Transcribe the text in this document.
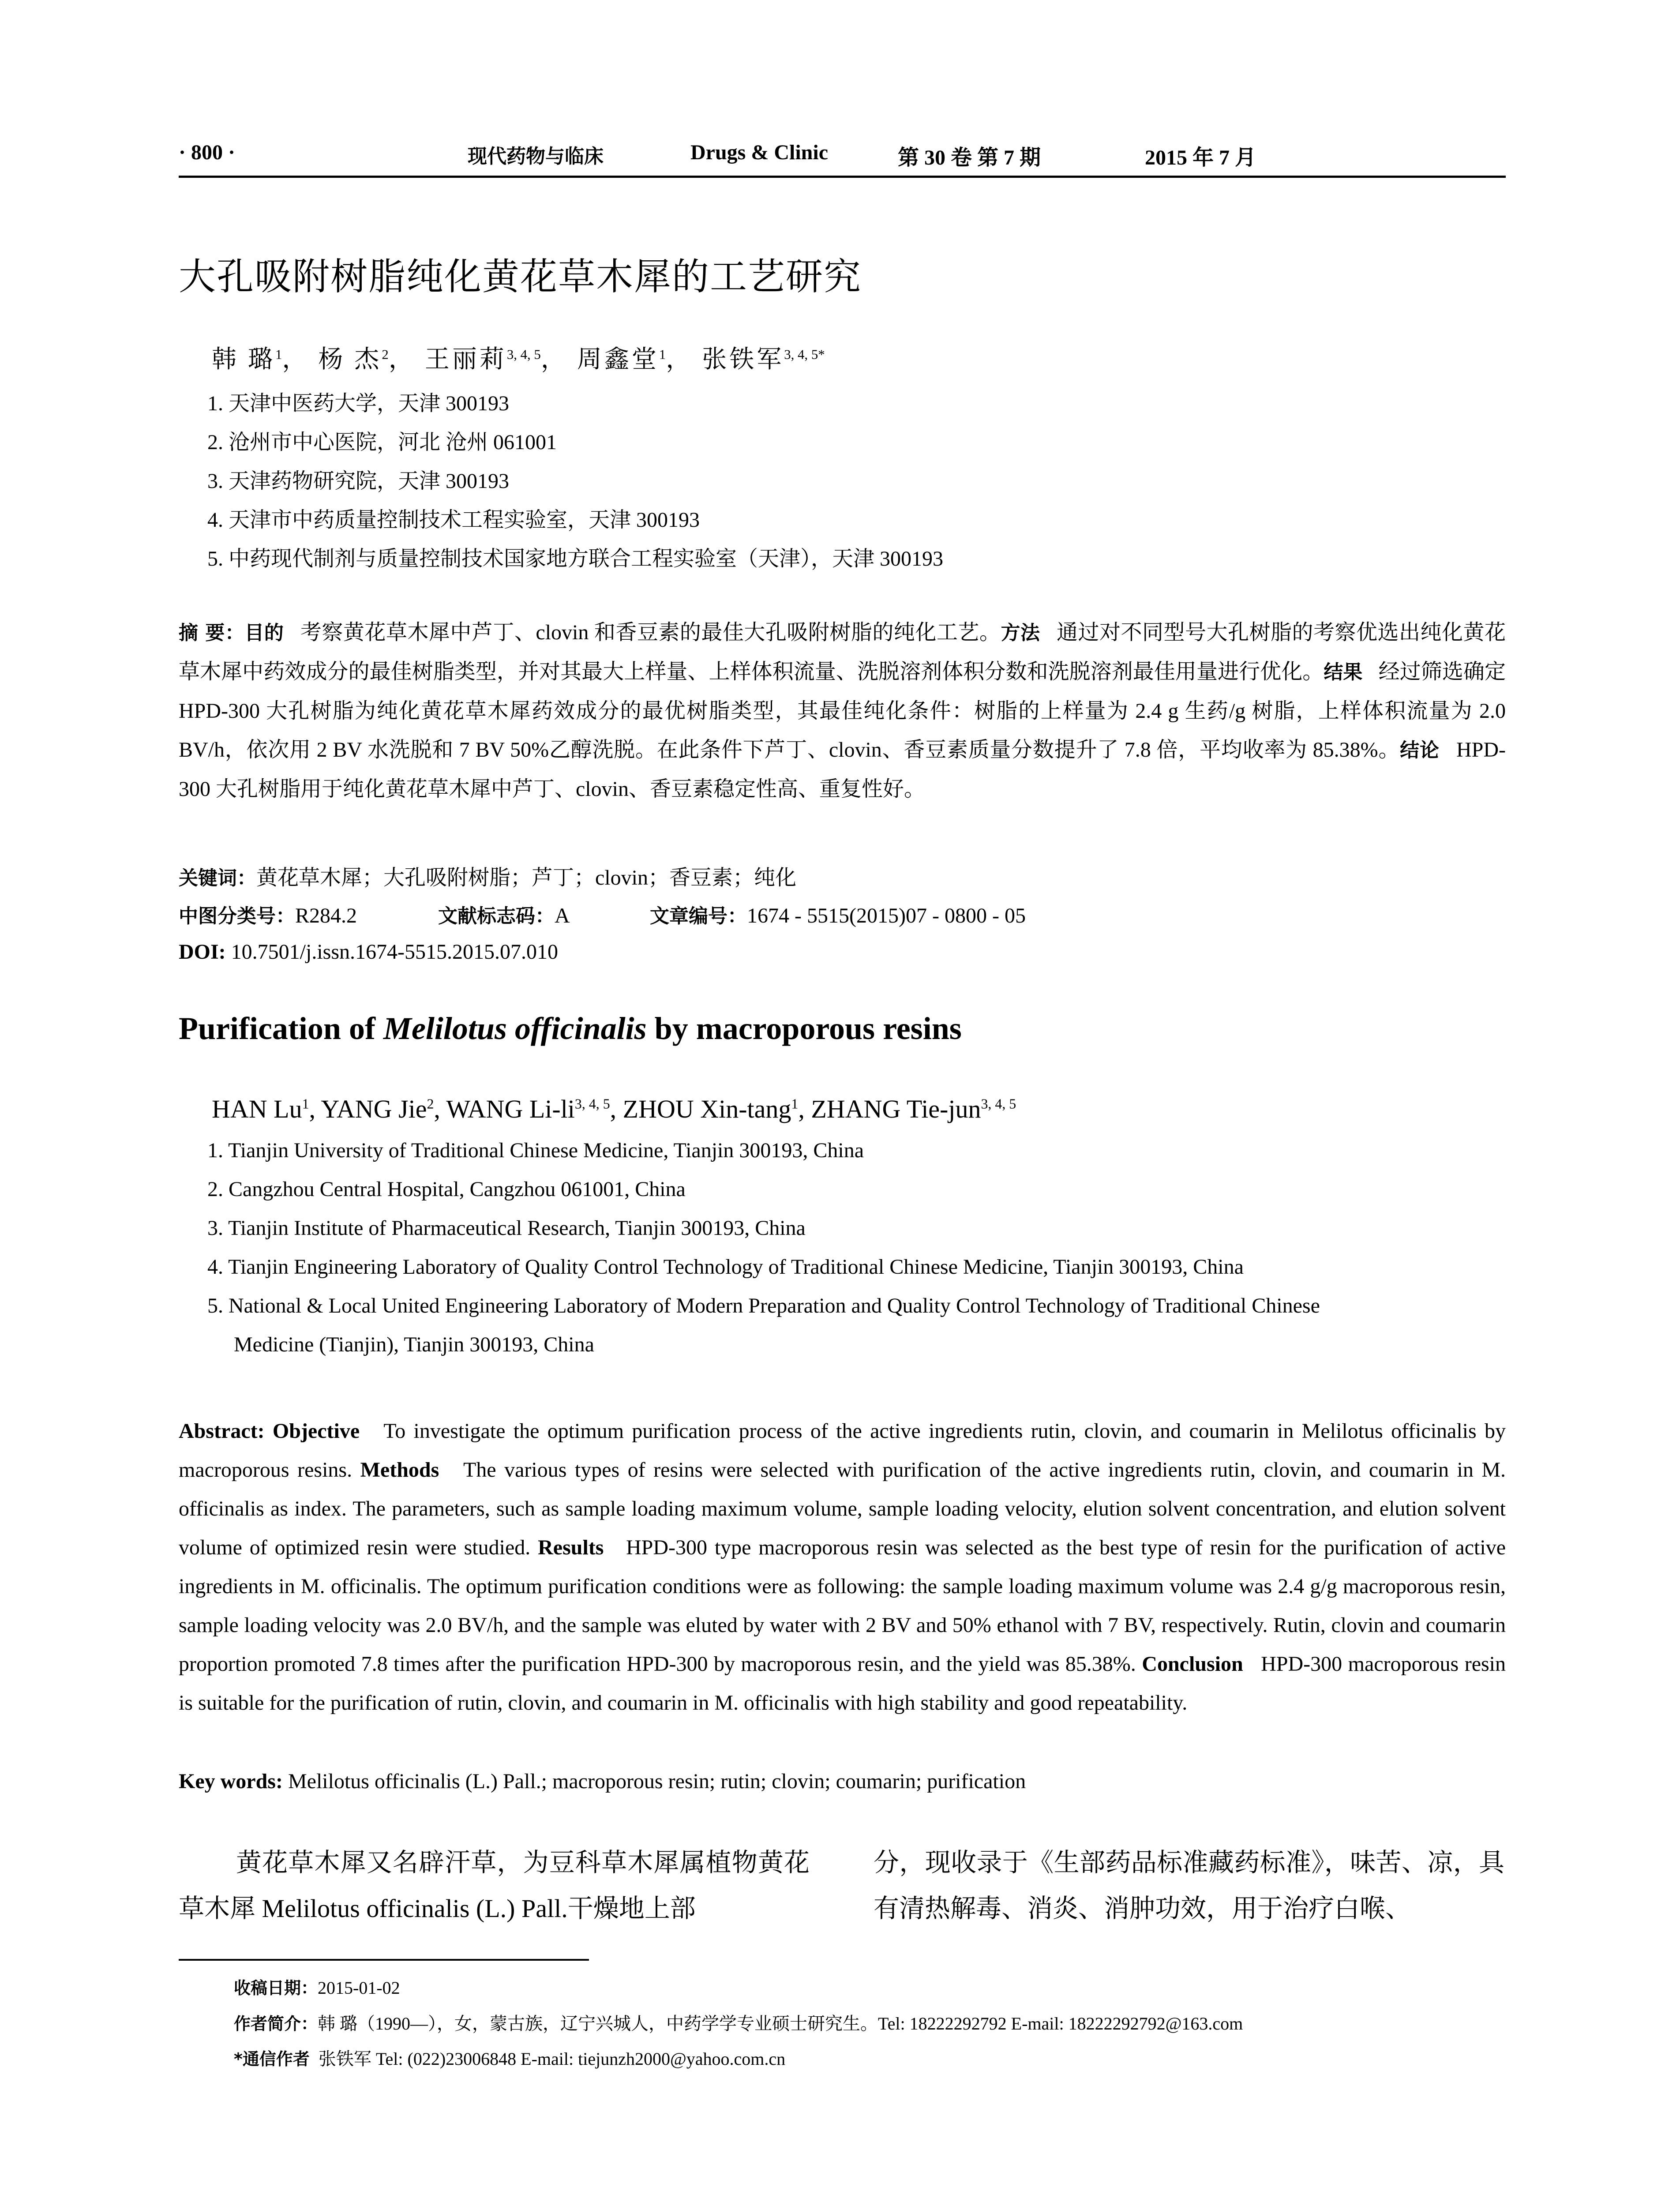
· 800 ·	现代药物与临床	Drugs & Clinic	第 30 卷 第 7 期	2015 年 7 月
大孔吸附树脂纯化黄花草木犀的工艺研究
韩 璐$^1$， 杨 杰$^2$， 王丽莉$^{3, 4, 5}$， 周鑫堂$^1$， 张铁军$^{3, 4, 5*}$
1. 天津中医药大学，天津 300193
2. 沧州市中心医院，河北 沧州 061001
3. 天津药物研究院，天津 300193
4. 天津市中药质量控制技术工程实验室，天津 300193
5. 中药现代制剂与质量控制技术国家地方联合工程实验室（天津），天津 300193
摘 要：目的 考察黄花草木犀中芦丁、clovin 和香豆素的最佳大孔吸附树脂的纯化工艺。方法 通过对不同型号大孔树脂的考察优选出纯化黄花草木犀中药效成分的最佳树脂类型，并对其最大上样量、上样体积流量、洗脱溶剂体积分数和洗脱溶剂最佳用量进行优化。结果 经过筛选确定 HPD-300 大孔树脂为纯化黄花草木犀药效成分的最优树脂类型，其最佳纯化条件：树脂的上样量为 2.4 g 生药/g 树脂，上样体积流量为 2.0 BV/h，依次用 2 BV 水洗脱和 7 BV 50%乙醇洗脱。在此条件下芦丁、clovin、香豆素质量分数提升了 7.8 倍，平均收率为 85.38%。结论 HPD-300 大孔树脂用于纯化黄花草木犀中芦丁、clovin、香豆素稳定性高、重复性好。
关键词：黄花草木犀；大孔吸附树脂；芦丁；clovin；香豆素；纯化
中图分类号：R284.2	文献标志码：A	文章编号：1674 - 5515(2015)07 - 0800 - 05
DOI: 10.7501/j.issn.1674-5515.2015.07.010
Purification of Melilotus officinalis by macroporous resins
HAN Lu$^1$, YANG Jie$^2$, WANG Li-li$^{3, 4, 5}$, ZHOU Xin-tang$^1$, ZHANG Tie-jun$^{3, 4, 5}$
1. Tianjin University of Traditional Chinese Medicine, Tianjin 300193, China
2. Cangzhou Central Hospital, Cangzhou 061001, China
3. Tianjin Institute of Pharmaceutical Research, Tianjin 300193, China
4. Tianjin Engineering Laboratory of Quality Control Technology of Traditional Chinese Medicine, Tianjin 300193, China
5. National & Local United Engineering Laboratory of Modern Preparation and Quality Control Technology of Traditional Chinese
Medicine (Tianjin), Tianjin 300193, China
Abstract: Objective To investigate the optimum purification process of the active ingredients rutin, clovin, and coumarin in Melilotus officinalis by macroporous resins. Methods The various types of resins were selected with purification of the active ingredients rutin, clovin, and coumarin in M. officinalis as index. The parameters, such as sample loading maximum volume, sample loading velocity, elution solvent concentration, and elution solvent volume of optimized resin were studied. Results HPD-300 type macroporous resin was selected as the best type of resin for the purification of active ingredients in M. officinalis. The optimum purification conditions were as following: the sample loading maximum volume was 2.4 g/g macroporous resin, sample loading velocity was 2.0 BV/h, and the sample was eluted by water with 2 BV and 50% ethanol with 7 BV, respectively. Rutin, clovin and coumarin proportion promoted 7.8 times after the purification HPD-300 by macroporous resin, and the yield was 85.38%. Conclusion HPD-300 macroporous resin is suitable for the purification of rutin, clovin, and coumarin in M. officinalis with high stability and good repeatability.
Key words: Melilotus officinalis (L.) Pall.; macroporous resin; rutin; clovin; coumarin; purification
黄花草木犀又名辟汗草，为豆科草木犀属植物黄花草木犀 Melilotus officinalis (L.) Pall.干燥地上部
分，现收录于《生部药品标准藏药标准》，味苦、凉，具有清热解毒、消炎、消肿功效，用于治疗白喉、
收稿日期：2015-01-02
作者简介：韩 璐（1990—），女，蒙古族，辽宁兴城人，中药学学专业硕士研究生。Tel: 18222292792 E-mail: 18222292792@163.com
*通信作者 张铁军 Tel: (022)23006848 E-mail: tiejunzh2000@yahoo.com.cn
